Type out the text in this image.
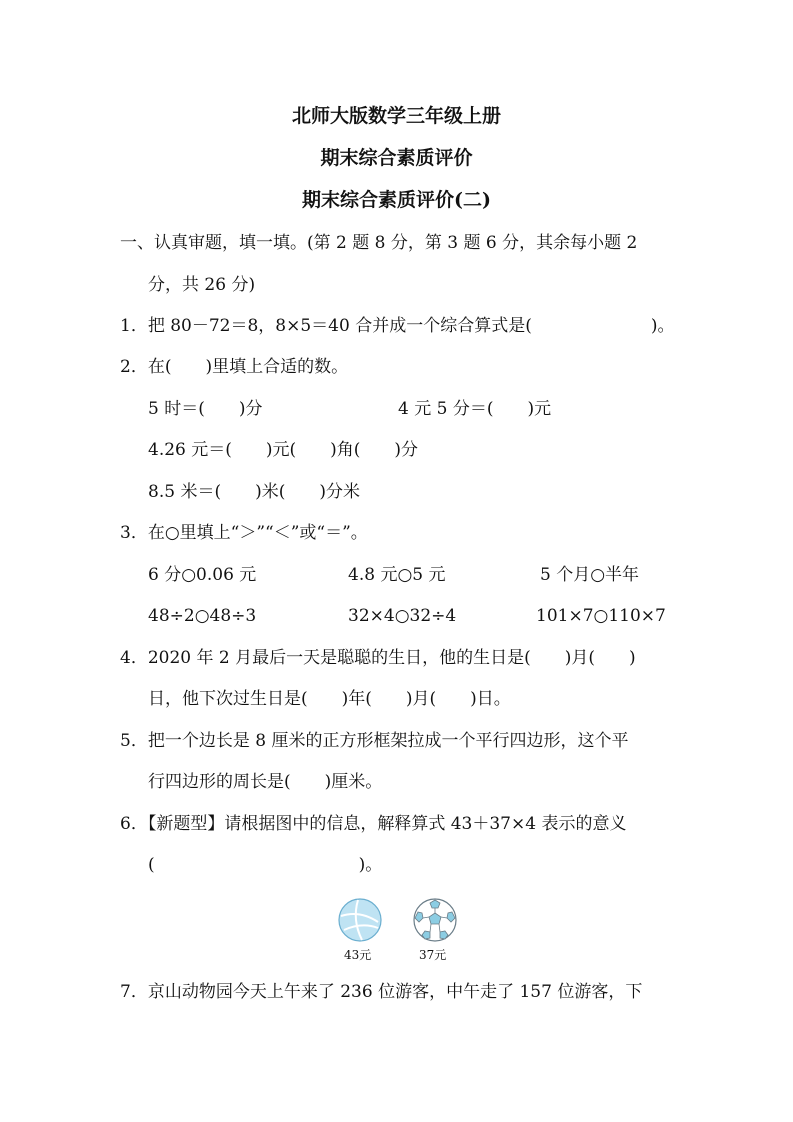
北师大版数学三年级上册
期末综合素质评价
期末综合素质评价(二)
一、认真审题，填一填。(第 2 题 8 分，第 3 题 6 分，其余每小题 2
分，共 26 分)
1．把 80－72＝8，8×5＝40 合并成一个综合算式是(　　　　　　　)。
2．在(　　)里填上合适的数。
5 时＝(　　)分	4 元 5 分＝(　　)元
4.26 元＝(　　)元(　　)角(　　)分
8.5 米＝(　　)米(　　)分米
3．在○里填上“＞”“＜”或“＝”。
6 分○0.06 元	4.8 元○5 元	5 个月○半年
48÷2○48÷3	32×4○32÷4	101×7○110×7
4．2020 年 2 月最后一天是聪聪的生日，他的生日是(　　)月(　　)
日，他下次过生日是(　　)年(　　)月(　　)日。
5．把一个边长是 8 厘米的正方形框架拉成一个平行四边形，这个平
行四边形的周长是(　　)厘米。
6．【新题型】请根据图中的信息，解释算式 43＋37×4 表示的意义
(　　　　　　　　　　　　)。
43元	37元
7．京山动物园今天上午来了 236 位游客，中午走了 157 位游客，下
